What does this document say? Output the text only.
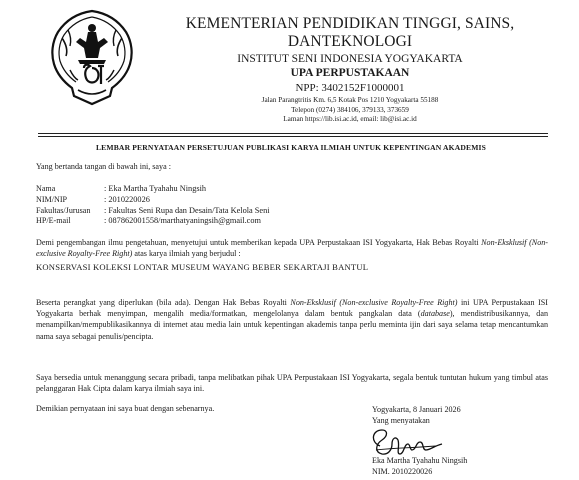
KEMENTERIAN PENDIDIKAN TINGGI, SAINS,
DANTEKNOLOGI
INSTITUT SENI INDONESIA YOGYAKARTA
UPA PERPUSTAKAAN
NPP: 3402152F1000001
Jalan Parangtritis Km. 6,5 Kotak Pos 1210 Yogyakarta 55188
Telepon (0274) 384106, 379133, 373659
Laman https://lib.isi.ac.id, email: lib@isi.ac.id
LEMBAR PERNYATAAN PERSETUJUAN PUBLIKASI KARYA ILMIAH UNTUK KEPENTINGAN AKADEMIS
Yang bertanda tangan di bawah ini, saya :
Nama	: Eka Martha Tyahahu Ningsih
NIM/NIP	: 2010220026
Fakultas/Jurusan : Fakultas Seni Rupa dan Desain/Tata Kelola Seni
HP/E-mail	: 087862001558/marthatyaningsih@gmail.com
Demi pengembangan ilmu pengetahuan, menyetujui untuk memberikan kepada UPA Perpustakaan ISI Yogyakarta, Hak Bebas Royalti Non-Eksklusif (Non-exclusive Royalty-Free Right) atas karya ilmiah yang berjudul :
KONSERVASI KOLEKSI LONTAR MUSEUM WAYANG BEBER SEKARTAJI BANTUL
Beserta perangkat yang diperlukan (bila ada). Dengan Hak Bebas Royalti Non-Eksklusif (Non-exclusive Royalty-Free Right) ini UPA Perpustakaan ISI Yogyakarta berhak menyimpan, mengalih media/formatkan, mengelolanya dalam bentuk pangkalan data (database), mendistribusikannya, dan menampilkan/mempublikasikannya di internet atau media lain untuk kepentingan akademis tanpa perlu meminta ijin dari saya selama tetap mencantumkan nama saya sebagai penulis/pencipta.
Saya bersedia untuk menanggung secara pribadi, tanpa melibatkan pihak UPA Perpustakaan ISI Yogyakarta, segala bentuk tuntutan hukum yang timbul atas pelanggaran Hak Cipta dalam karya ilmiah saya ini.
Demikian pernyataan ini saya buat dengan sebenarnya.	Yogyakarta, 8 Januari 2026
Yang menyatakan
Eka Martha Tyahahu Ningsih
NIM. 2010220026
